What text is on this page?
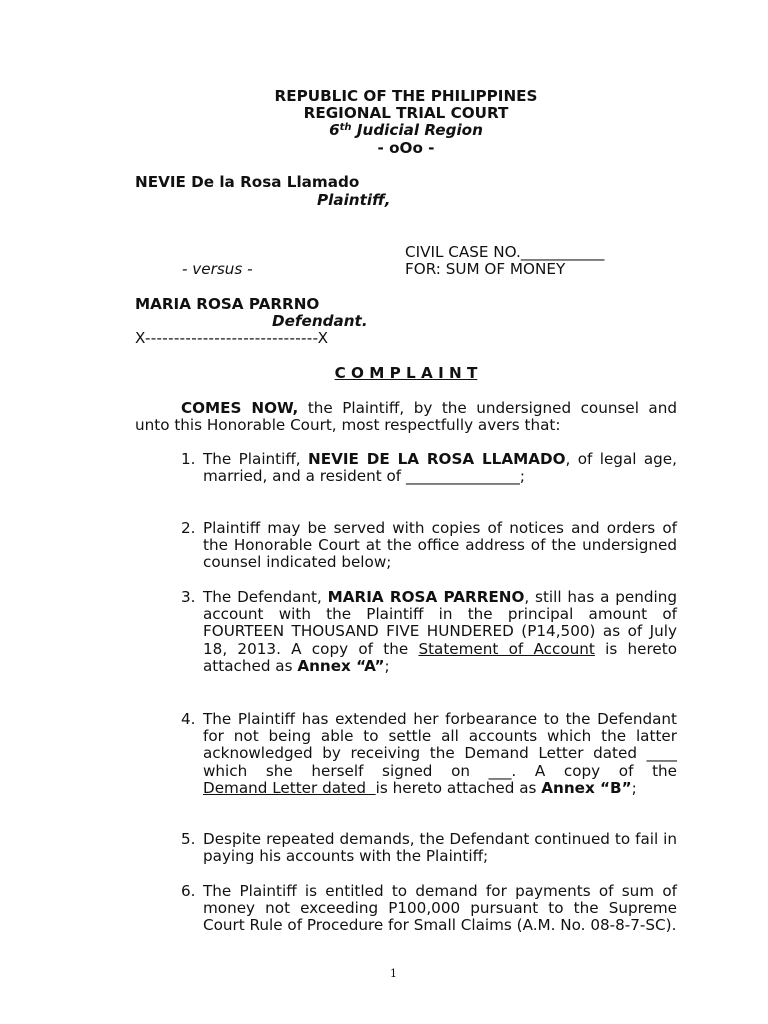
REPUBLIC OF THE PHILIPPINES
REGIONAL TRIAL COURT
6th Judicial Region
- oOo -
NEVIE De la Rosa Llamado
Plaintiff,
CIVIL CASE NO.___________
- versus -	FOR: SUM OF MONEY
MARIA ROSA PARRNO
Defendant.
X------------------------------X
C O M P L A I N T
COMES NOW, the Plaintiff, by the undersigned counsel and unto this Honorable Court, most respectfully avers that:
1. The Plaintiff, NEVIE DE LA ROSA LLAMADO, of legal age, married, and a resident of _______________;
2. Plaintiff may be served with copies of notices and orders of the Honorable Court at the office address of the undersigned counsel indicated below;
3. The Defendant, MARIA ROSA PARRENO, still has a pending account with the Plaintiff in the principal amount of FOURTEEN THOUSAND FIVE HUNDERED (P14,500) as of July 18, 2013. A copy of the Statement of Account is hereto attached as Annex “A”;
4. The Plaintiff has extended her forbearance to the Defendant for not being able to settle all accounts which the latter acknowledged by receiving the Demand Letter dated ____ which she herself signed on ___. A copy of the Demand Letter dated  is hereto attached as Annex “B”;
5. Despite repeated demands, the Defendant continued to fail in paying his accounts with the Plaintiff;
6. The Plaintiff is entitled to demand for payments of sum of money not exceeding P100,000 pursuant to the Supreme Court Rule of Procedure for Small Claims (A.M. No. 08-8-7-SC).
1
